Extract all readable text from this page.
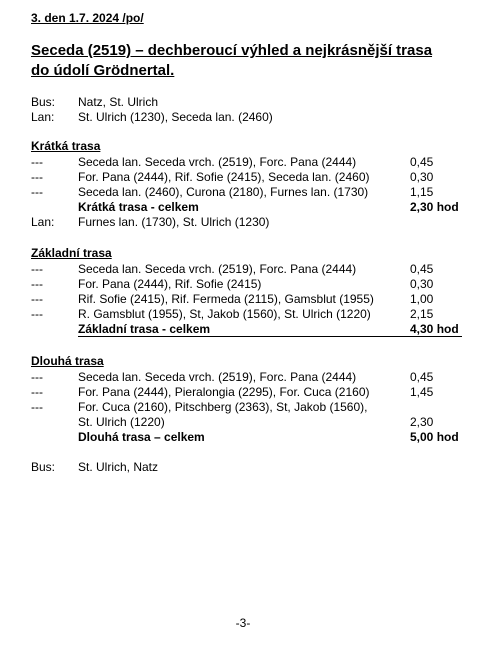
3. den 1.7. 2024 /po/
Seceda (2519) – dechberoucí výhled a nejkrásnější trasa
do údolí Grödnertal.
Bus: Natz, St. Ulrich
Lan: St. Ulrich (1230), Seceda lan. (2460)
Krátká trasa
---	Seceda lan. Seceda vrch. (2519), Forc. Pana (2444)	0,45
---	For. Pana (2444), Rif. Sofie (2415), Seceda lan. (2460)	0,30
---	Seceda lan. (2460), Curona (2180), Furnes lan. (1730)	1,15
Krátká trasa - celkem	2,30 hod
Lan: Furnes lan. (1730), St. Ulrich (1230)
Základní trasa
---	Seceda lan. Seceda vrch. (2519), Forc. Pana (2444)	0,45
---	For. Pana (2444), Rif. Sofie (2415)	0,30
---	Rif. Sofie (2415), Rif. Fermeda (2115), Gamsblut (1955)	1,00
---	R. Gamsblut (1955), St, Jakob (1560), St. Ulrich (1220)	2,15
Základní trasa - celkem	4,30 hod
Dlouhá trasa
---	Seceda lan. Seceda vrch. (2519), Forc. Pana (2444)	0,45
---	For. Pana (2444), Pieralongia (2295), For. Cuca (2160)	1,45
---	For. Cuca (2160), Pitschberg (2363), St, Jakob (1560),
St. Ulrich (1220)	2,30
Dlouhá trasa – celkem	5,00 hod
Bus: St. Ulrich, Natz
-3-
